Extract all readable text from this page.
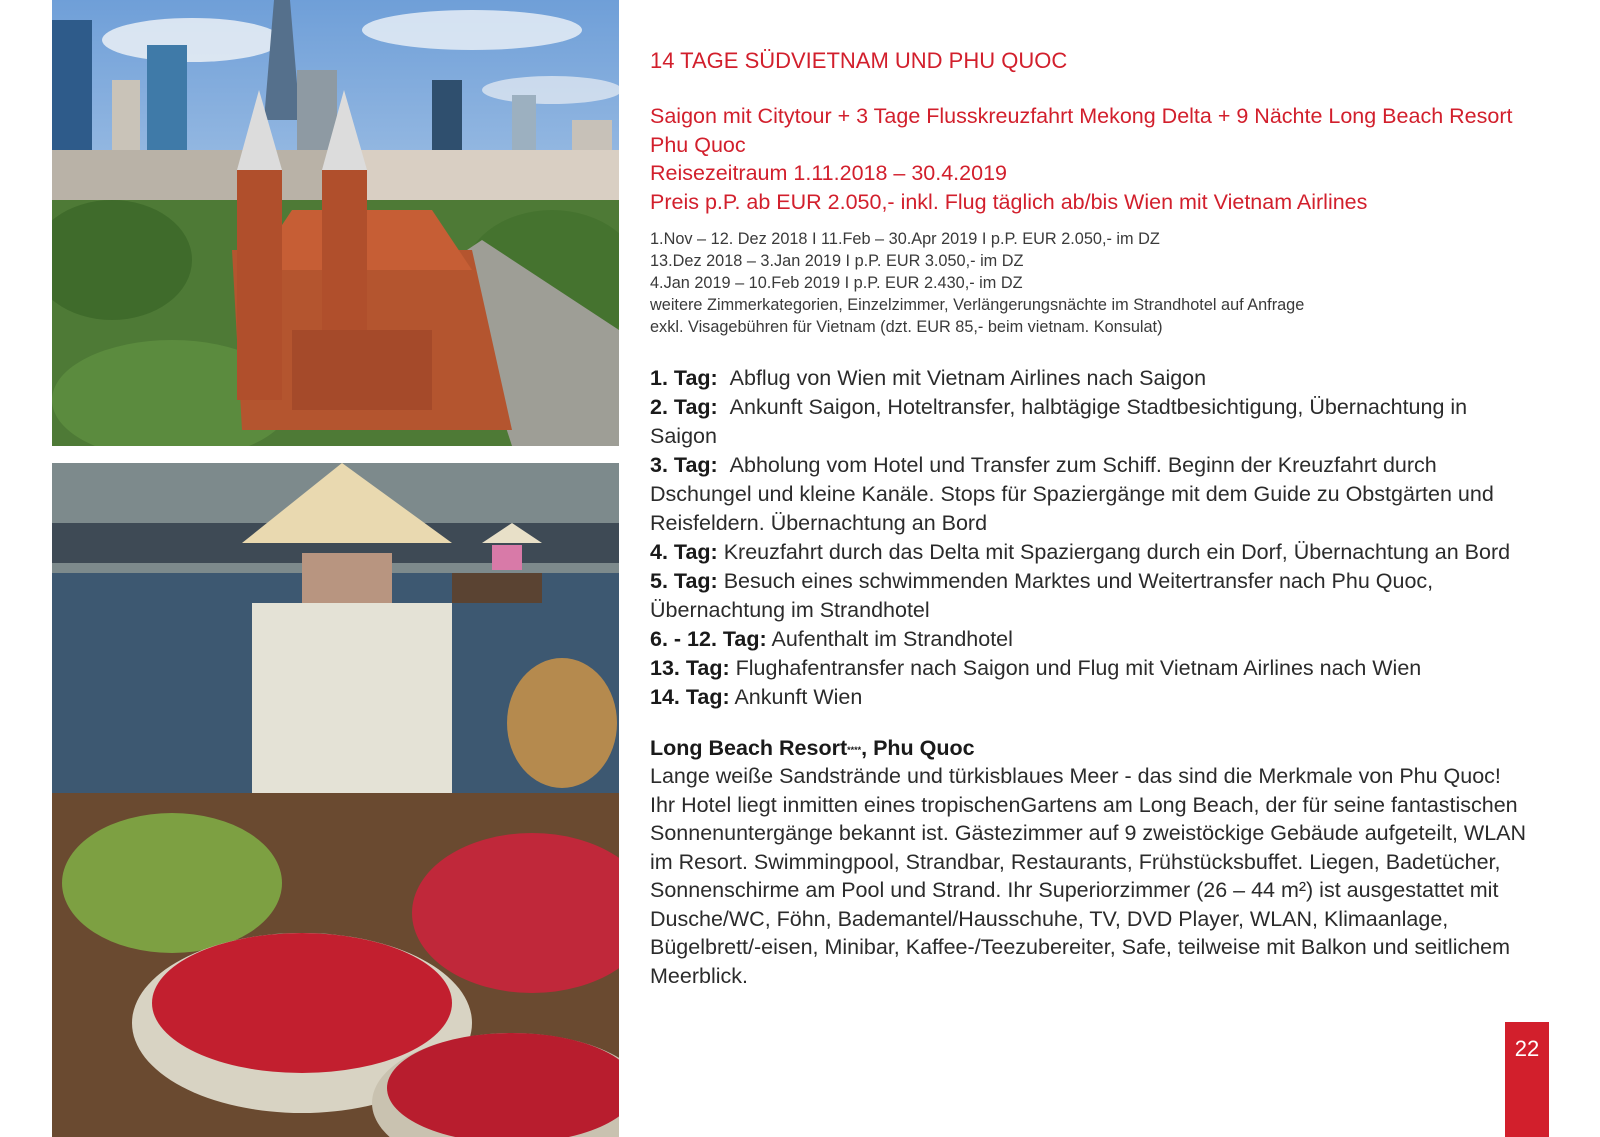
14 TAGE SÜDVIETNAM UND PHU QUOC

Saigon mit Citytour + 3 Tage Flusskreuzfahrt Mekong Delta + 9 Nächte Long Beach Resort Phu Quoc

Reisezeitraum 1.11.2018 – 30.4.2019

Preis p.P. ab EUR 2.050,- inkl. Flug täglich ab/bis Wien mit Vietnam Airlines

1.Nov – 12. Dez 2018 I 11.Feb – 30.Apr 2019 I p.P. EUR 2.050,- im DZ

13.Dez 2018 – 3.Jan 2019 I p.P. EUR 3.050,- im DZ

4.Jan 2019 – 10.Feb 2019 I p.P. EUR 2.430,- im DZ

weitere Zimmerkategorien, Einzelzimmer, Verlängerungsnächte im Strandhotel auf Anfrage

exkl. Visagebühren für Vietnam (dzt. EUR 85,- beim vietnam. Konsulat)

1. Tag: Abflug von Wien mit Vietnam Airlines nach Saigon

2. Tag: Ankunft Saigon, Hoteltransfer, halbtägige Stadtbesichtigung, Übernachtung in Saigon

3. Tag: Abholung vom Hotel und Transfer zum Schiff. Beginn der Kreuzfahrt durch Dschungel und kleine Kanäle. Stops für Spaziergänge mit dem Guide zu Obstgärten und Reisfeldern. Übernachtung an Bord

4. Tag: Kreuzfahrt durch das Delta mit Spaziergang durch ein Dorf, Übernachtung an Bord

5. Tag: Besuch eines schwimmenden Marktes und Weitertransfer nach Phu Quoc, Übernachtung im Strandhotel

6. - 12. Tag: Aufenthalt im Strandhotel

13. Tag: Flughafentransfer nach Saigon und Flug mit Vietnam Airlines nach Wien

14. Tag: Ankunft Wien

Long Beach Resort****, Phu Quoc

Lange weiße Sandstrände und türkisblaues Meer - das sind die Merkmale von Phu Quoc! Ihr Hotel liegt inmitten eines tropischenGartens am Long Beach, der für seine fantastischen Sonnenuntergänge bekannt ist. Gästezimmer auf 9 zweistöckige Gebäude aufgeteilt, WLAN im Resort. Swimmingpool, Strandbar, Restaurants, Frühstücksbuffet. Liegen, Badetücher, Sonnenschirme am Pool und Strand. Ihr Superiorzimmer (26 – 44 m²) ist ausgestattet mit Dusche/WC, Föhn, Bademantel/Hausschuhe, TV, DVD Player, WLAN, Klimaanlage, Bügelbrett/-eisen, Minibar, Kaffee-/Teezubereiter, Safe, teilweise mit Balkon und seitlichem Meerblick.

22
